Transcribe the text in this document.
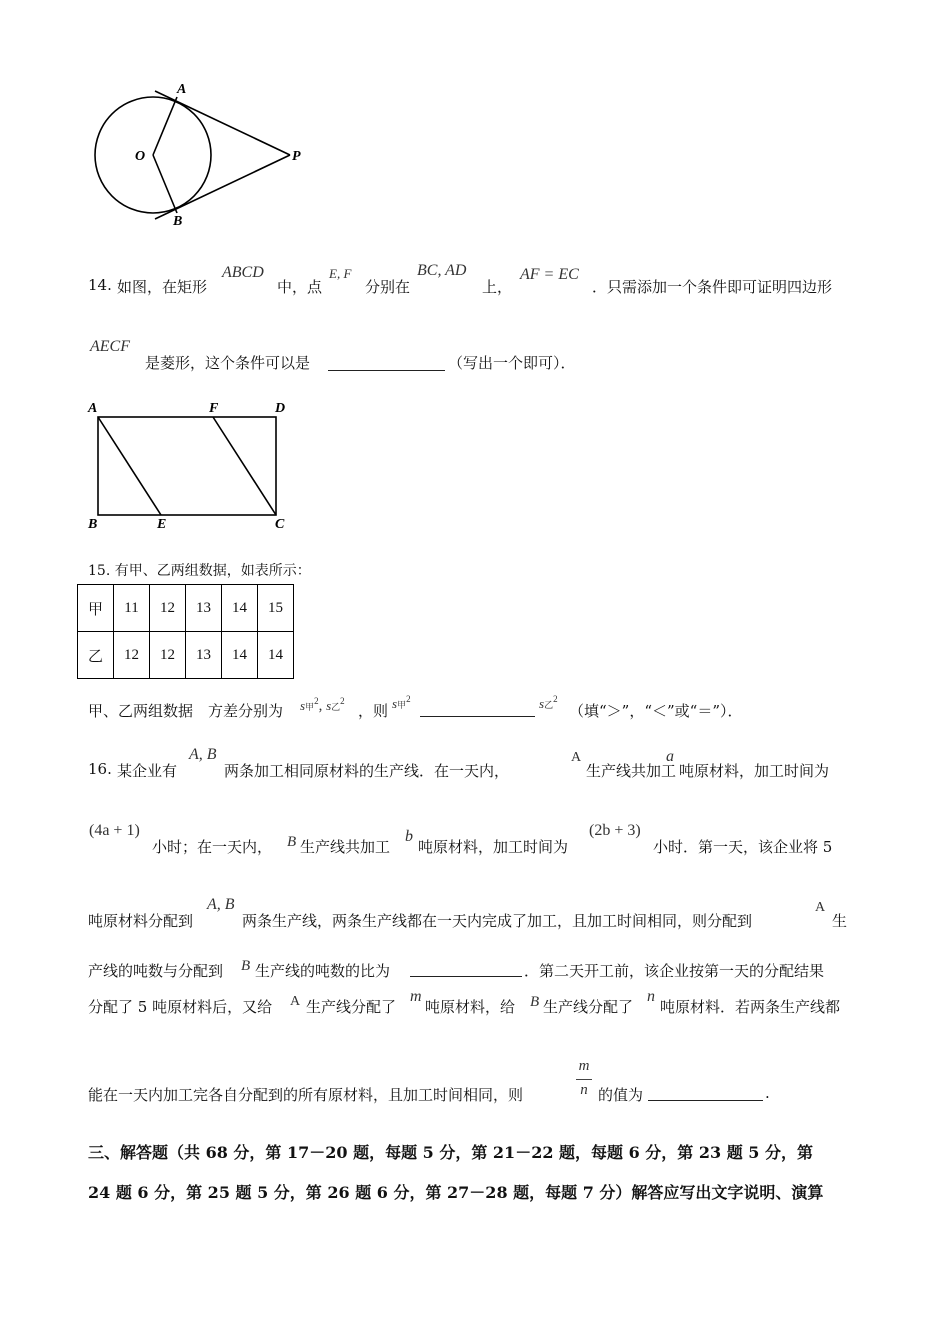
A
O	P
B
14. 如图，在矩形
ABCD
中，点
E, F
分别在
BC, AD
上，
AF = EC
．只需添加一个条件即可证明四边形
AECF
是菱形，这个条件可以是	（写出一个即可）．
A	F	D
B	E	C
15. 有甲、乙两组数据，如表所示：
甲	11	12	13	14	15
乙	12	12	13	14	14
甲、乙两组数据　方差分别为 s甲$^2$, s乙$^2$
，则 s甲$^2$	s乙$^2$
（填“＞”，“＜”或“＝”）．
16. 某企业有
A, B
两条加工相同原材料的生产线．在一天内，
A
生产线共加工
a
吨原材料，加工时间为
(4a + 1)
小时；在一天内， B 生产线共加工
b
吨原材料，加工时间为
(2b + 3)
小时．第一天，该企业将 5
吨原材料分配到
A, B
两条生产线，两条生产线都在一天内完成了加工，且加工时间相同，则分配到
A
生
产线的吨数与分配到 B 生产线的吨数的比为	．第二天开工前，该企业按第一天的分配结果
分配了 5 吨原材料后，又给 A 生产线分配了
m
吨原材料，给 B 生产线分配了
n
吨原材料．若两条生产线都
能在一天内加工完各自分配到的所有原材料，且加工时间相同，则
m
n 的值为	.
三、解答题（共 68 分，第 17－20 题，每题 5 分，第 21－22 题，每题 6 分，第 23 题 5 分，第
24 题 6 分，第 25 题 5 分，第 26 题 6 分，第 27－28 题，每题 7 分）解答应写出文字说明、演算
